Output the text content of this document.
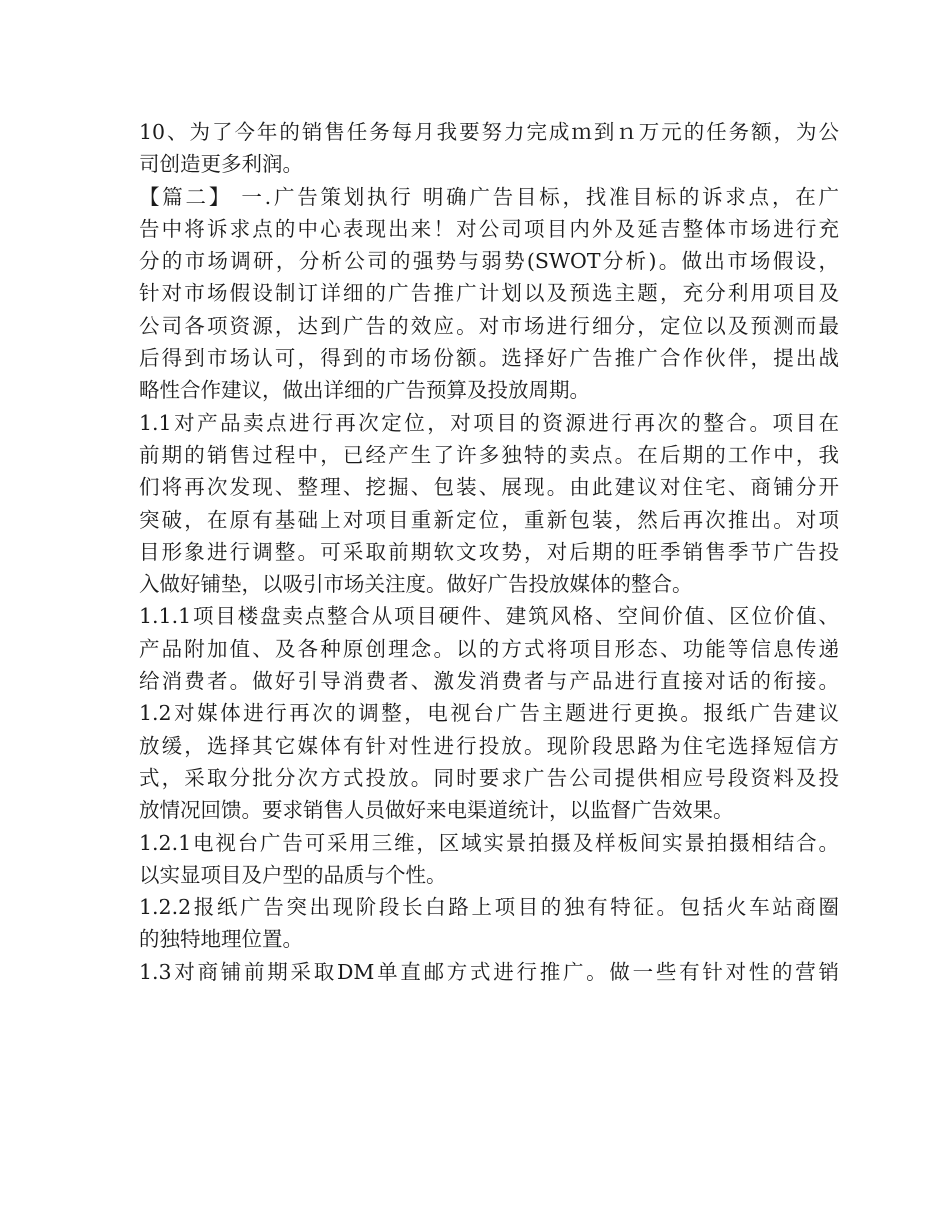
10、为了今年的销售任务每月我要努力完成ｍ到ｎ万元的任务额，为公
司创造更多利润。
【篇二】 一.广告策划执行 明确广告目标，找准目标的诉求点，在广
告中将诉求点的中心表现出来！对公司项目内外及延吉整体市场进行充
分的市场调研，分析公司的强势与弱势(SWOT分析)。做出市场假设，
针对市场假设制订详细的广告推广计划以及预选主题，充分利用项目及
公司各项资源，达到广告的效应。对市场进行细分，定位以及预测而最
后得到市场认可，得到的市场份额。选择好广告推广合作伙伴，提出战
略性合作建议，做出详细的广告预算及投放周期。
1.1对产品卖点进行再次定位，对项目的资源进行再次的整合。项目在
前期的销售过程中，已经产生了许多独特的卖点。在后期的工作中，我
们将再次发现、整理、挖掘、包装、展现。由此建议对住宅、商铺分开
突破，在原有基础上对项目重新定位，重新包装，然后再次推出。对项
目形象进行调整。可采取前期软文攻势，对后期的旺季销售季节广告投
入做好铺垫，以吸引市场关注度。做好广告投放媒体的整合。
1.1.1项目楼盘卖点整合从项目硬件、建筑风格、空间价值、区位价值、
产品附加值、及各种原创理念。以的方式将项目形态、功能等信息传递
给消费者。做好引导消费者、激发消费者与产品进行直接对话的衔接。
1.2对媒体进行再次的调整，电视台广告主题进行更换。报纸广告建议
放缓，选择其它媒体有针对性进行投放。现阶段思路为住宅选择短信方
式，采取分批分次方式投放。同时要求广告公司提供相应号段资料及投
放情况回馈。要求销售人员做好来电渠道统计，以监督广告效果。
1.2.1电视台广告可采用三维，区域实景拍摄及样板间实景拍摄相结合。
以实显项目及户型的品质与个性。
1.2.2报纸广告突出现阶段长白路上项目的独有特征。包括火车站商圈
的独特地理位置。
1.3对商铺前期采取DM单直邮方式进行推广。做一些有针对性的营销
